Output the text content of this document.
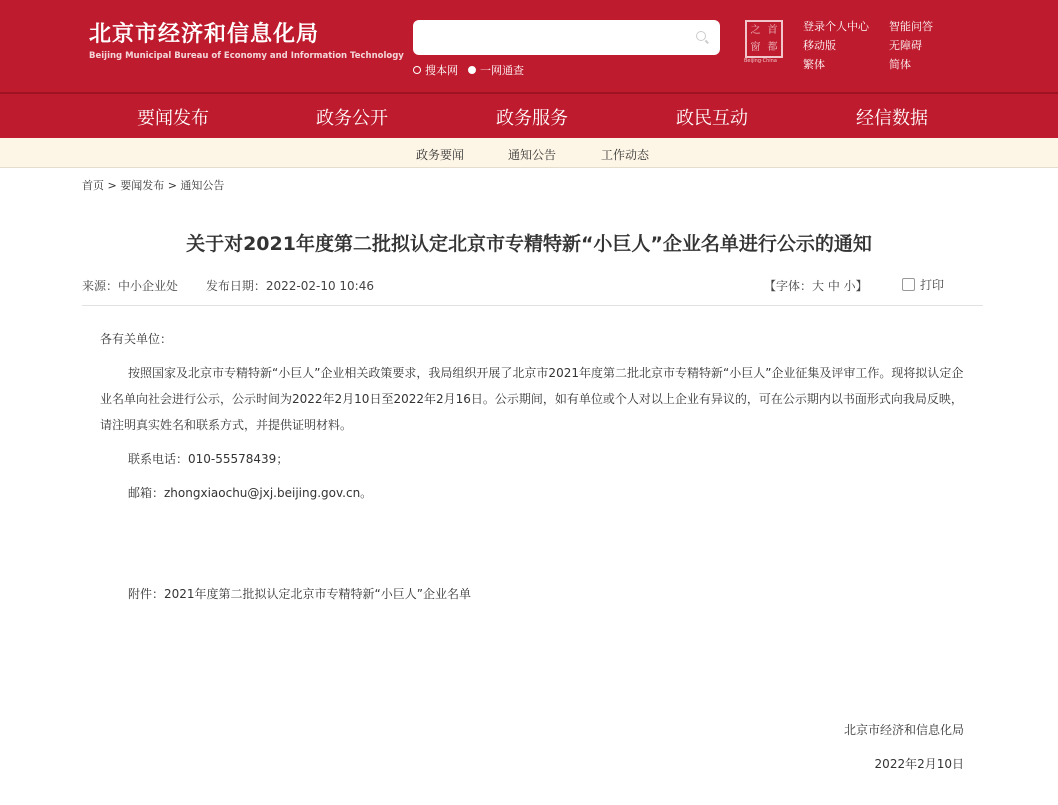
北京市经济和信息化局
Beijing Municipal Bureau of Economy and Information Technology
搜本网 一网通查
之 首
窗 都
Beijing·China
登录个人中心	智能问答
移动版	无障碍
繁体	简体
要闻发布	政务公开	政务服务	政民互动	经信数据
政务要闻	通知公告	工作动态
首页 > 要闻发布 > 通知公告
关于对2021年度第二批拟认定北京市专精特新“小巨人”企业名单进行公示的通知
来源：中小企业处 发布日期：2022-02-10 10:46	【字体：大 中 小】	打印
各有关单位：
按照国家及北京市专精特新“小巨人”企业相关政策要求，我局组织开展了北京市2021年度第二批北京市专精特新“小巨人”企业征集及评审工作。现将拟认定企业名单向社会进行公示，公示时间为2022年2月10日至2022年2月16日。公示期间，如有单位或个人对以上企业有异议的，可在公示期内以书面形式向我局反映，请注明真实姓名和联系方式，并提供证明材料。
联系电话：010-55578439；
邮箱：zhongxiaochu@jxj.beijing.gov.cn。
附件：2021年度第二批拟认定北京市专精特新“小巨人”企业名单
北京市经济和信息化局
2022年2月10日
